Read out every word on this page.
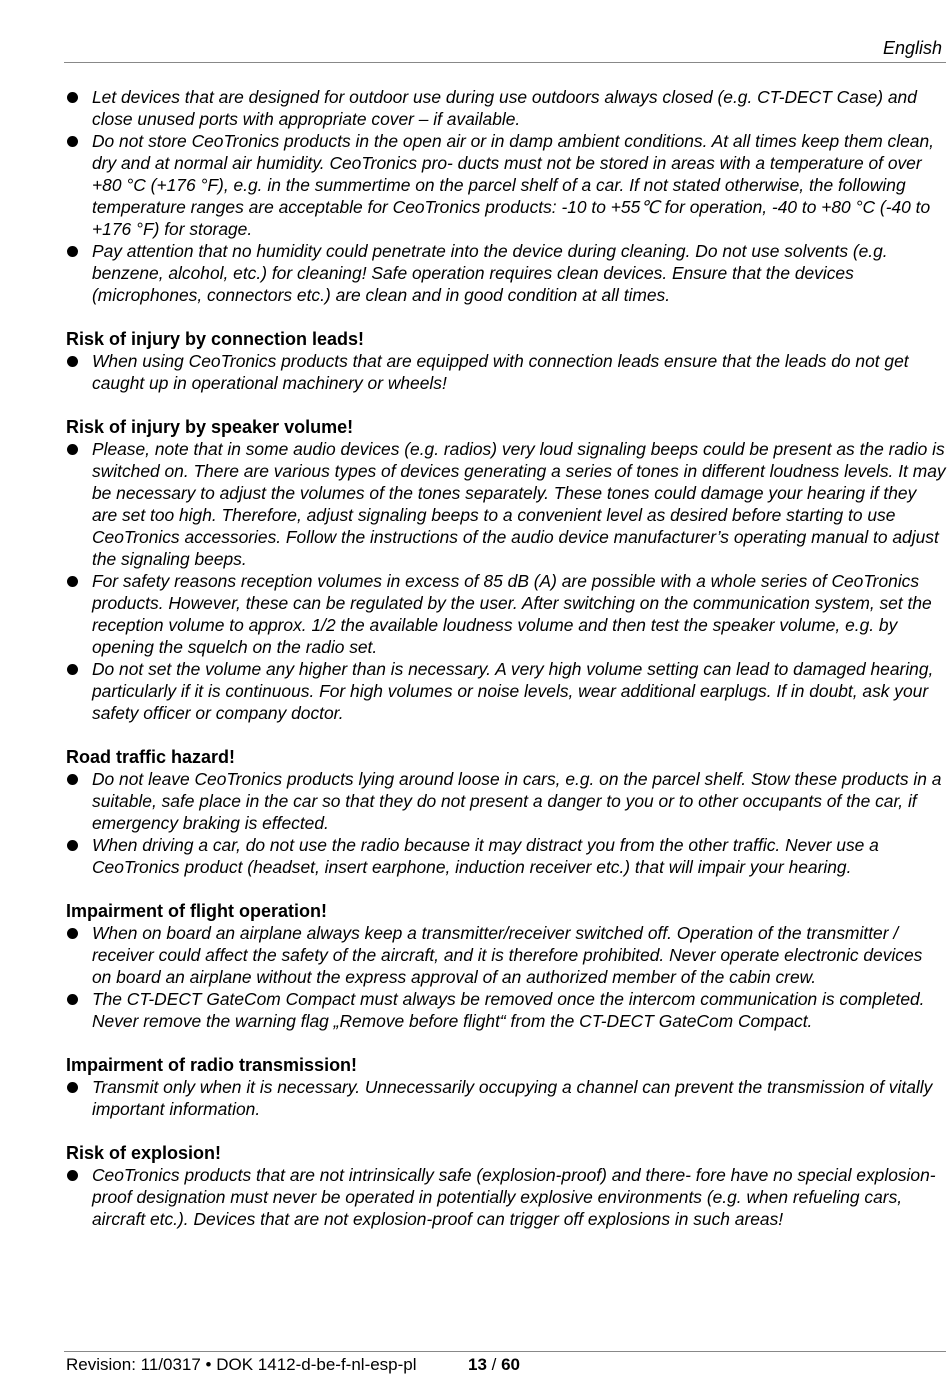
English
Let devices that are designed for outdoor use during use outdoors always closed (e.g. CT-DECT Case) and close unused ports with appropriate cover – if available.
Do not store CeoTronics products in the open air or in damp ambient conditions. At all times keep them clean, dry and at normal air humidity. CeoTronics pro- ducts must not be stored in areas with a temperature of over +80 °C (+176 °F), e.g. in the summertime on the parcel shelf of a car. If not stated otherwise, the following temperature ranges are acceptable for CeoTronics products: -10 to +55℃ for operation, -40 to +80 °C (-40 to +176 °F) for storage.
Pay attention that no humidity could penetrate into the device during cleaning. Do not use solvents (e.g. benzene, alcohol, etc.) for cleaning! Safe operation requires clean devices. Ensure that the devices (microphones, connectors etc.) are clean and in good condition at all times.
Risk of injury by connection leads!
When using CeoTronics products that are equipped with connection leads ensure that the leads do not get caught up in operational machinery or wheels!
Risk of injury by speaker volume!
Please, note that in some audio devices (e.g. radios) very loud signaling beeps could be present as the radio is switched on. There are various types of devices generating a series of tones in different loudness levels. It may be necessary to adjust the volumes of the tones separately. These tones could damage your hearing if they are set too high. Therefore, adjust signaling beeps to a convenient level as desired before starting to use CeoTronics accessories. Follow the instructions of the audio device manufacturer’s operating manual to adjust the signaling beeps.
For safety reasons reception volumes in excess of 85 dB (A) are possible with a whole series of CeoTronics products. However, these can be regulated by the user. After switching on the communication system, set the reception volume to approx. 1/2 the available loudness volume and then test the speaker volume, e.g. by opening the squelch on the radio set.
Do not set the volume any higher than is necessary. A very high volume setting can lead to damaged hearing, particularly if it is continuous. For high volumes or noise levels, wear additional earplugs. If in doubt, ask your safety officer or company doctor.
Road traffic hazard!
Do not leave CeoTronics products lying around loose in cars, e.g. on the parcel shelf. Stow these products in a suitable, safe place in the car so that they do not present a danger to you or to other occupants of the car, if emergency braking is effected.
When driving a car, do not use the radio because it may distract you from the other traffic. Never use a CeoTronics product (headset, insert earphone, induction receiver etc.) that will impair your hearing.
Impairment of flight operation!
When on board an airplane always keep a transmitter/receiver switched off. Operation of the transmitter / receiver could affect the safety of the aircraft, and it is therefore prohibited. Never operate electronic devices on board an airplane without the express approval of an authorized member of the cabin crew.
The CT-DECT GateCom Compact must always be removed once the intercom communication is completed. Never remove the warning flag „Remove before flight“ from the CT-DECT GateCom Compact.
Impairment of radio transmission!
Transmit only when it is necessary. Unnecessarily occupying a channel can prevent the transmission of vitally important information.
Risk of explosion!
CeoTronics products that are not intrinsically safe (explosion-proof) and there- fore have no special explosion-proof designation must never be operated in potentially explosive environments (e.g. when refueling cars, aircraft etc.). Devices that are not explosion-proof can trigger off explosions in such areas!
Revision: 11/0317 • DOK 1412-d-be-f-nl-esp-pl	13 / 60
